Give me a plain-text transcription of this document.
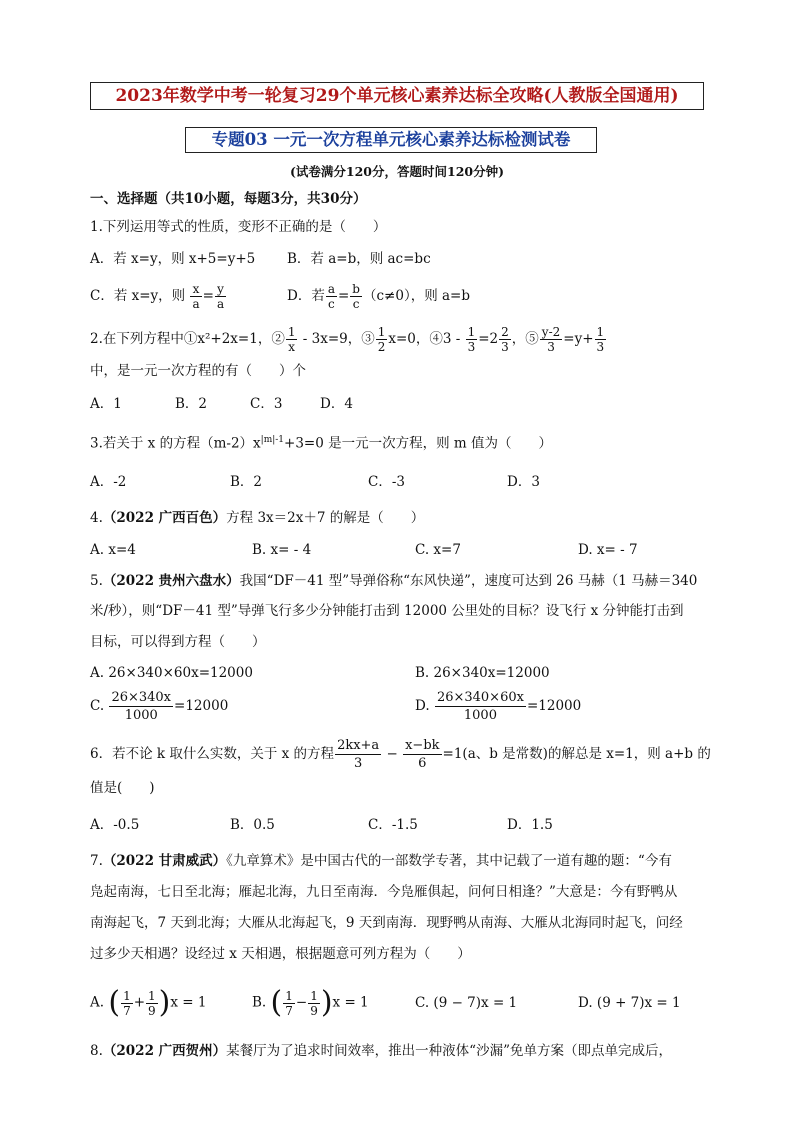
2023年数学中考一轮复习29个单元核心素养达标全攻略(人教版全国通用)
专题03 一元一次方程单元核心素养达标检测试卷
(试卷满分120分，答题时间120分钟)
一、选择题（共10小题，每题3分，共30分）
1.下列运用等式的性质，变形不正确的是（　　）
A．若 x=y，则 x+5=y+5 B．若 a=b，则 ac=bc
C．若 x=y，则 $\frac{x}{a} = \frac{y}{a}$	D．若 $\frac{a}{c} = \frac{b}{c} (c\ne 0)$，则 a=b
2.在下列方程中①x²+2x=1，② $\frac{1}{x} - 3x=9$，③ $\frac{1}{2} x=0$，④3 - $\frac{1}{3} =2 \frac{2}{3}$ ，⑤ $\frac{y-2}{3} =y+ \frac{1}{3}$
中，是一元一次方程的有（　　）个
A．1	B．2	C．3	D．4
3.若关于 x 的方程$(m-2)x^{|m|-1}+3=0$ 是一元一次方程，则 m 值为（　　）
A．-2	B．2	C．-3	D．3
4.（2022 广西百色）方程 3x＝2x＋7 的解是（　　）
A. x=4	B. x= - 4	C. x=7	D. x= - 7
5.（2022 贵州六盘水）我国“DF－41 型”导弹俗称“东风快递”，速度可达到 26 马赫（1 马赫＝340
米/秒），则“DF－41 型”导弹飞行多少分钟能打击到 12000 公里处的目标？设飞行 x 分钟能打击到
目标，可以得到方程（　　）
A. 26×340×60x=12000	B. 26×340x=12000
C. $\frac{26\times 340x}{1000} =12000$	D. $\frac{26\times 340\times 60x}{1000} =12000$
6．若不论 k 取什么实数，关于 x 的方程 $\frac{2kx+a}{3} - \frac{x-bk}{6} =1(a$、b 是常数)的解总是 x=1，则 a+b 的
值是(　　)
A．-0.5	B．0.5	C．-1.5	D．1.5
7.（2022 甘肃威武）《九章算术》是中国古代的一部数学专著，其中记载了一道有趣的题：“今有
凫起南海，七日至北海；雁起北海，九日至南海．今凫雁俱起，问何日相逢？”大意是：今有野鸭从
南海起飞，7 天到北海；大雁从北海起飞，9 天到南海．现野鸭从南海、大雁从北海同时起飞，问经
过多少天相遇？设经过 x 天相遇，根据题意可列方程为（　　）
A. ( $\frac{1}{7} + \frac{1}{9} )x = 1$	B. ( $\frac{1}{7} - \frac{1}{9} )x = 1$	C. (9 − 7)x = 1	D. (9 + 7)x = 1
8.（2022 广西贺州）某餐厅为了追求时间效率，推出一种液体“沙漏”免单方案（即点单完成后，
